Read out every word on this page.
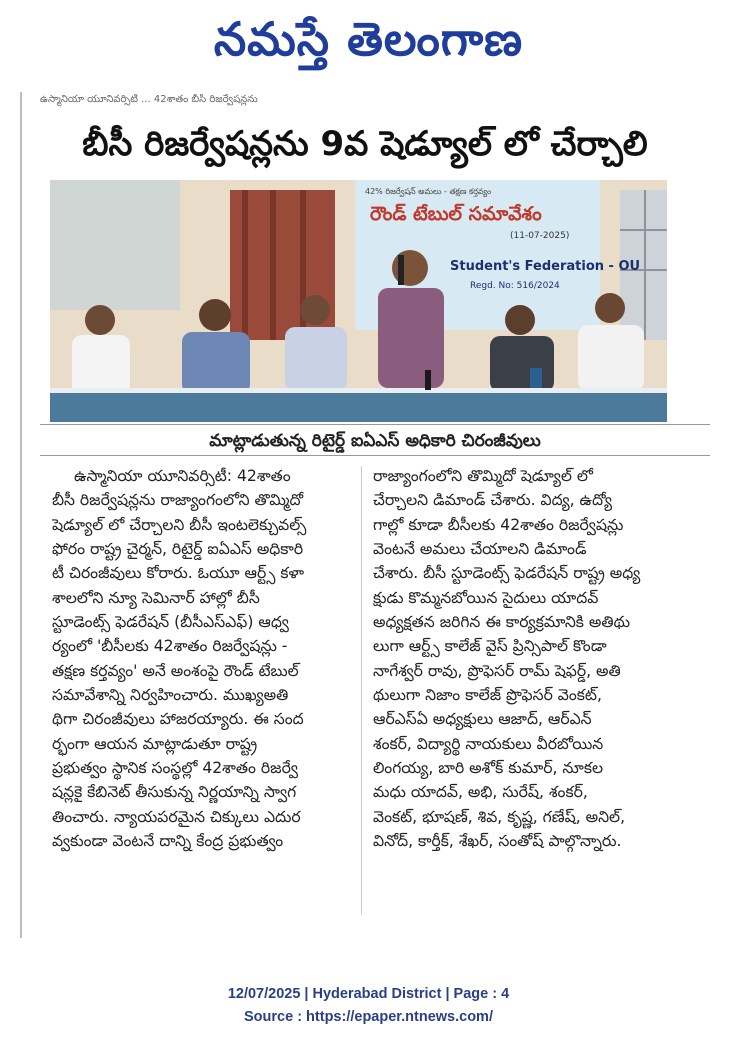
నమస్తే తెలంగాణ
ఉస్మానియా యూనివర్సిటీ ... 42శాతం బీసీ రిజర్వేషన్లను
బీసీ రిజర్వేషన్లను 9వ షెడ్యూల్ లో చేర్చాలి
42% రిజర్వేషన్ అమలు - తక్షణ కర్తవ్యం
రౌండ్ టేబుల్ సమావేశం
(11-07-2025)
Student's Federation - OU
Regd. No: 516/2024
మాట్లాడుతున్న రిటైర్డ్ ఐఏఎస్ అధికారి చిరంజీవులు
ఉస్మానియా యూనివర్సిటీ: 42శాతం
బీసీ రిజర్వేషన్లను రాజ్యాంగంలోని తొమ్మిదో
షెడ్యూల్ లో చేర్చాలని బీసీ ఇంటలెక్చువల్స్
ఫోరం రాష్ట్ర చైర్మన్, రిటైర్డ్ ఐఏఎస్ అధికారి
టీ చిరంజీవులు కోరారు. ఓయూ ఆర్ట్స్ కళా
శాలలోని న్యూ సెమినార్ హాల్లో బీసీ
స్టూడెంట్స్ ఫెడరేషన్ (బీసీఎస్ఎఫ్) ఆధ్వ
ర్యంలో 'బీసీలకు 42శాతం రిజర్వేషన్లు -
తక్షణ కర్తవ్యం' అనే అంశంపై రౌండ్ టేబుల్
సమావేశాన్ని నిర్వహించారు. ముఖ్యఅతి
థిగా చిరంజీవులు హాజరయ్యారు. ఈ సంద
ర్భంగా ఆయన మాట్లాడుతూ రాష్ట్ర
ప్రభుత్వం స్థానిక సంస్థల్లో 42శాతం రిజర్వే
షన్లకై కేబినెట్ తీసుకున్న నిర్ణయాన్ని స్వాగ
తించారు. న్యాయపరమైన చిక్కులు ఎదుర
వ్వకుండా వెంటనే దాన్ని కేంద్ర ప్రభుత్వం
రాజ్యాంగంలోని తొమ్మిదో షెడ్యూల్ లో
చేర్చాలని డిమాండ్ చేశారు. విద్య, ఉద్యో
గాల్లో కూడా బీసీలకు 42శాతం రిజర్వేషన్లు
వెంటనే అమలు చేయాలని డిమాండ్
చేశారు. బీసీ స్టూడెంట్స్ ఫెడరేషన్ రాష్ట్ర అధ్య
క్షుడు కొమ్మనబోయిన సైదులు యాదవ్
అధ్యక్షతన జరిగిన ఈ కార్యక్రమానికి అతిథు
లుగా ఆర్ట్స్ కాలేజ్ వైస్ ప్రిన్సిపాల్ కొండా
నాగేశ్వర్ రావు, ప్రొఫెసర్ రామ్ షెఫర్డ్, అతి
థులుగా నిజాం కాలేజ్ ప్రొఫెసర్ వెంకట్,
ఆర్ఎస్ఏ అధ్యక్షులు ఆజాద్, ఆర్ఎన్
శంకర్, విద్యార్థి నాయకులు వీరబోయిన
లింగయ్య, బారి అశోక్ కుమార్, నూకల
మధు యాదవ్, అభి, సురేష్, శంకర్,
వెంకట్, భూషణ్, శివ, కృష్ణ, గణేష్, అనిల్,
వినోద్, కార్తీక్, శేఖర్, సంతోష్ పాల్గొన్నారు.
12/07/2025 | Hyderabad District | Page : 4
Source : https://epaper.ntnews.com/
